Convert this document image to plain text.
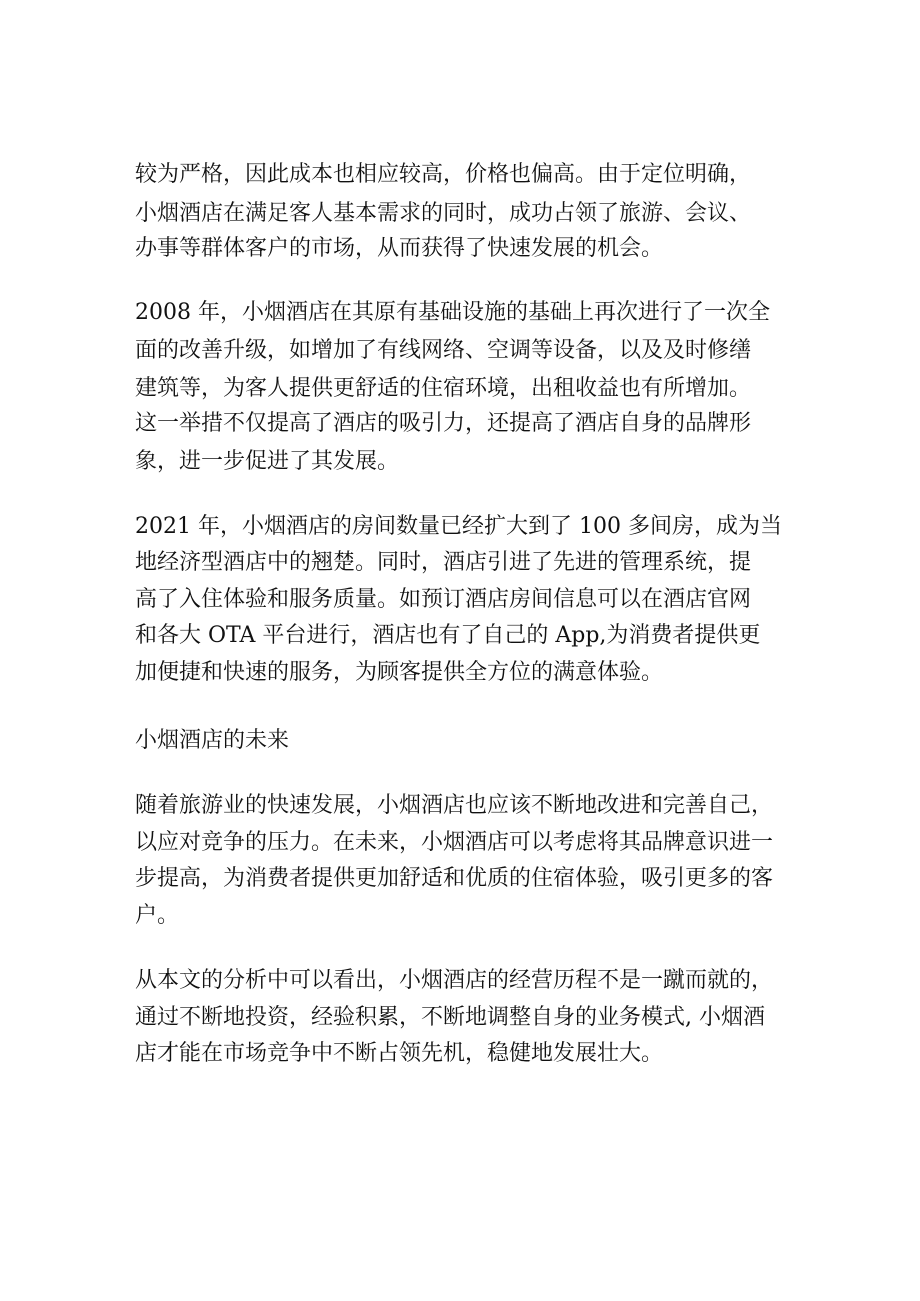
较为严格，因此成本也相应较高，价格也偏高。由于定位明确，

小烟酒店在满足客人基本需求的同时，成功占领了旅游、会议、

办事等群体客户的市场，从而获得了快速发展的机会。

2008 年，小烟酒店在其原有基础设施的基础上再次进行了一次全

面的改善升级，如增加了有线网络、空调等设备，以及及时修缮

建筑等，为客人提供更舒适的住宿环境，出租收益也有所增加。

这一举措不仅提高了酒店的吸引力，还提高了酒店自身的品牌形

象，进一步促进了其发展。

2021 年，小烟酒店的房间数量已经扩大到了 100 多间房，成为当

地经济型酒店中的翘楚。同时，酒店引进了先进的管理系统，提

高了入住体验和服务质量。如预订酒店房间信息可以在酒店官网

和各大 OTA 平台进行，酒店也有了自己的 App,为消费者提供更

加便捷和快速的服务，为顾客提供全方位的满意体验。

小烟酒店的未来

随着旅游业的快速发展，小烟酒店也应该不断地改进和完善自己，

以应对竞争的压力。在未来，小烟酒店可以考虑将其品牌意识进一

步提高，为消费者提供更加舒适和优质的住宿体验，吸引更多的客

户。

从本文的分析中可以看出，小烟酒店的经营历程不是一蹴而就的，

通过不断地投资，经验积累，不断地调整自身的业务模式, 小烟酒

店才能在市场竞争中不断占领先机，稳健地发展壮大。
